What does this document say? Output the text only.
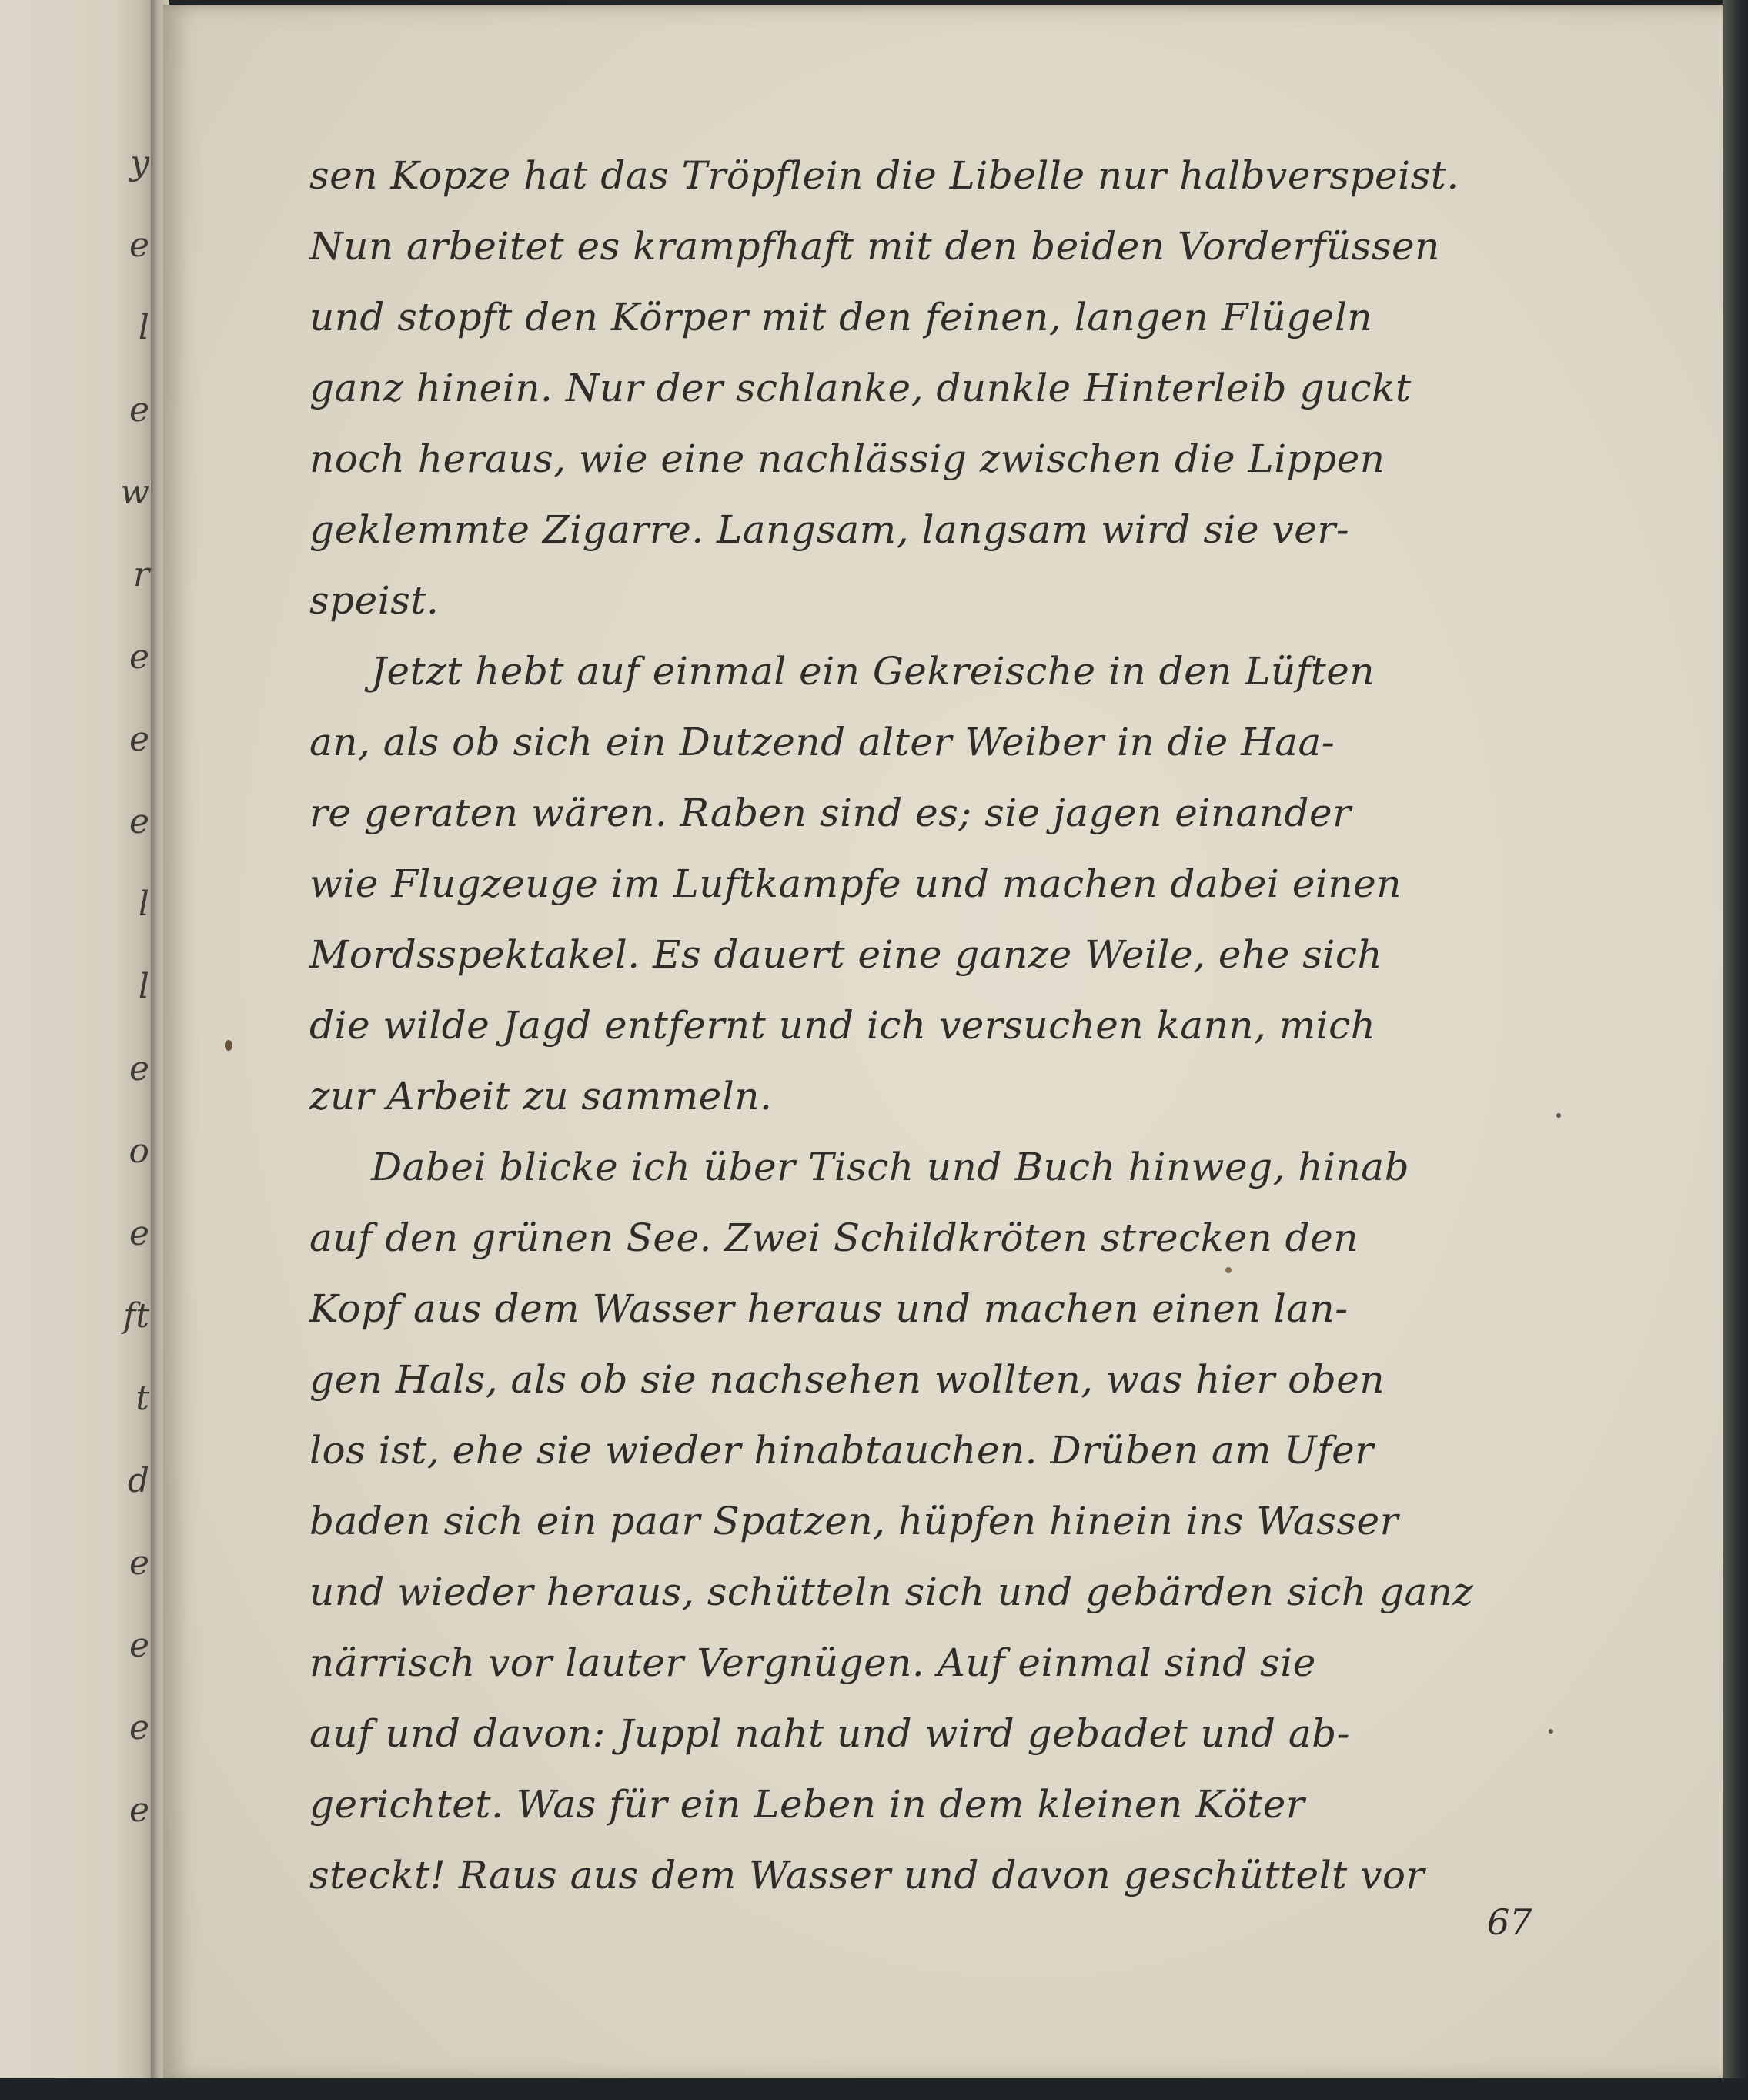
y
e
l
e
w
r
e
e
e
l
l
e
o
e
ft
t
d
e
e
e
e
sen Kopze hat das Tröpflein die Libelle nur halbverspeist.
Nun arbeitet es krampfhaft mit den beiden Vorderfüssen
und stopft den Körper mit den feinen, langen Flügeln
ganz hinein. Nur der schlanke, dunkle Hinterleib guckt
noch heraus, wie eine nachlässig zwischen die Lippen
geklemmte Zigarre. Langsam, langsam wird sie ver-
speist.
Jetzt hebt auf einmal ein Gekreische in den Lüften
an, als ob sich ein Dutzend alter Weiber in die Haa-
re geraten wären. Raben sind es; sie jagen einander
wie Flugzeuge im Luftkampfe und machen dabei einen
Mordsspektakel. Es dauert eine ganze Weile, ehe sich
die wilde Jagd entfernt und ich versuchen kann, mich
zur Arbeit zu sammeln.
Dabei blicke ich über Tisch und Buch hinweg, hinab
auf den grünen See. Zwei Schildkröten strecken den
Kopf aus dem Wasser heraus und machen einen lan-
gen Hals, als ob sie nachsehen wollten, was hier oben
los ist, ehe sie wieder hinabtauchen. Drüben am Ufer
baden sich ein paar Spatzen, hüpfen hinein ins Wasser
und wieder heraus, schütteln sich und gebärden sich ganz
närrisch vor lauter Vergnügen. Auf einmal sind sie
auf und davon: Juppl naht und wird gebadet und ab-
gerichtet. Was für ein Leben in dem kleinen Köter
steckt! Raus aus dem Wasser und davon geschüttelt vor
67
